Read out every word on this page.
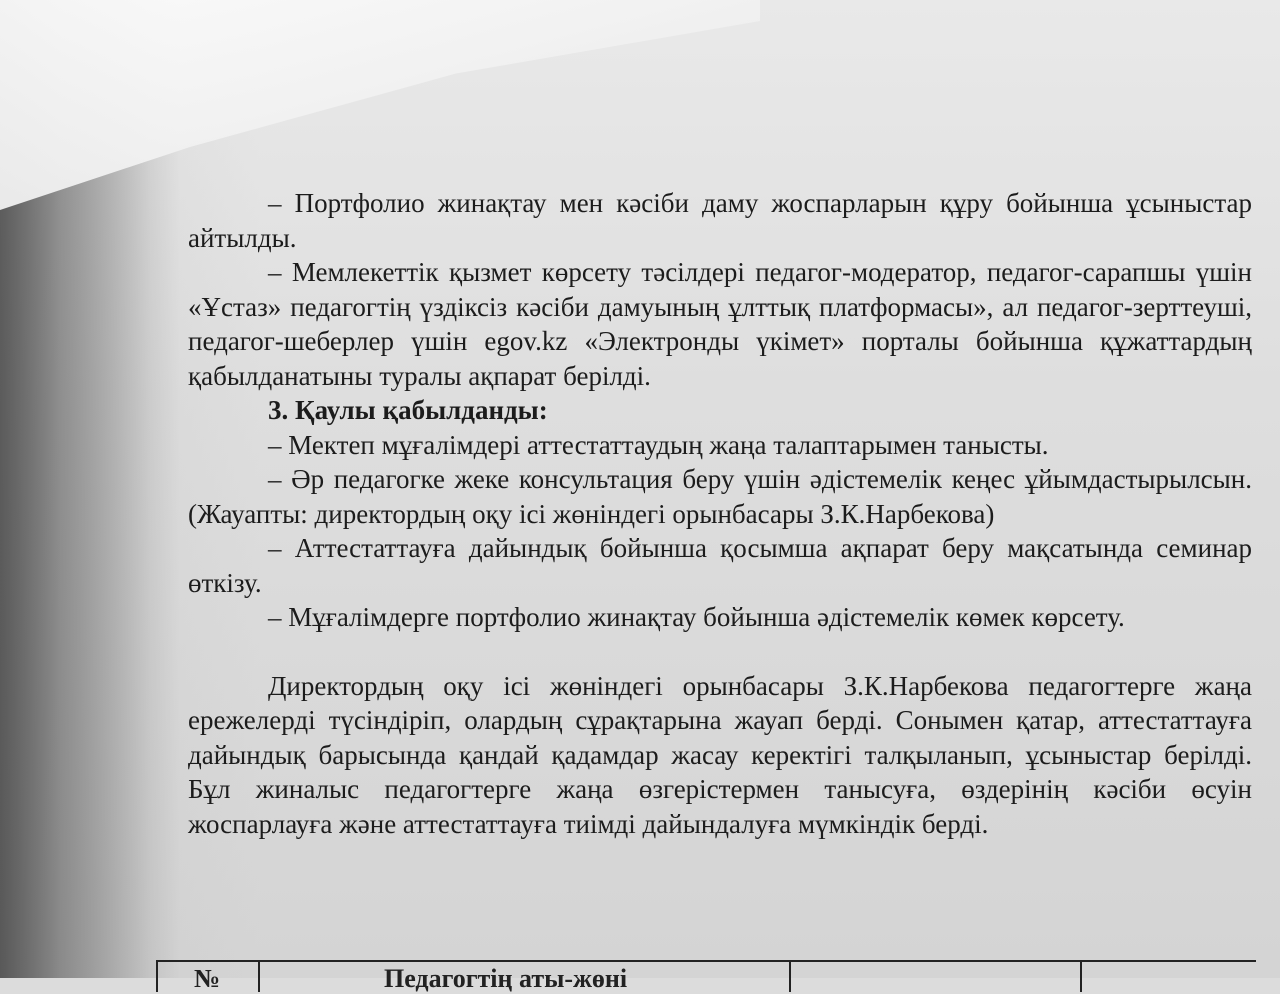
– Портфолио жинақтау мен кәсіби даму жоспарларын құру бойынша ұсыныстар айтылды.

– Мемлекеттік қызмет көрсету тәсілдері педагог-модератор, педагог-сарапшы үшін «Ұстаз» педагогтің үздіксіз кәсіби дамуының ұлттық платформасы», ал педагог-зерттеуші, педагог-шеберлер үшін egov.kz «Электронды үкімет» порталы бойынша құжаттардың қабылданатыны туралы ақпарат берілді.

3. Қаулы қабылданды:

– Мектеп мұғалімдері аттестаттаудың жаңа талаптарымен танысты.

– Әр педагогке жеке консультация беру үшін әдістемелік кеңес ұйымдастырылсын. (Жауапты: директордың оқу ісі жөніндегі орынбасары З.К.Нарбекова)

– Аттестаттауға дайындық бойынша қосымша ақпарат беру мақсатында семинар өткізу.

– Мұғалімдерге портфолио жинақтау бойынша әдістемелік көмек көрсету.

Директордың оқу ісі жөніндегі орынбасары З.К.Нарбекова педагогтерге жаңа ережелерді түсіндіріп, олардың сұрақтарына жауап берді. Сонымен қатар, аттестаттауға дайындық барысында қандай қадамдар жасау керектігі талқыланып, ұсыныстар берілді. Бұл жиналыс педагогтерге жаңа өзгерістермен танысуға, өздерінің кәсіби өсуін жоспарлауға және аттестаттауға тиімді дайындалуға мүмкіндік берді.

№	Педагогтің аты-жөні
